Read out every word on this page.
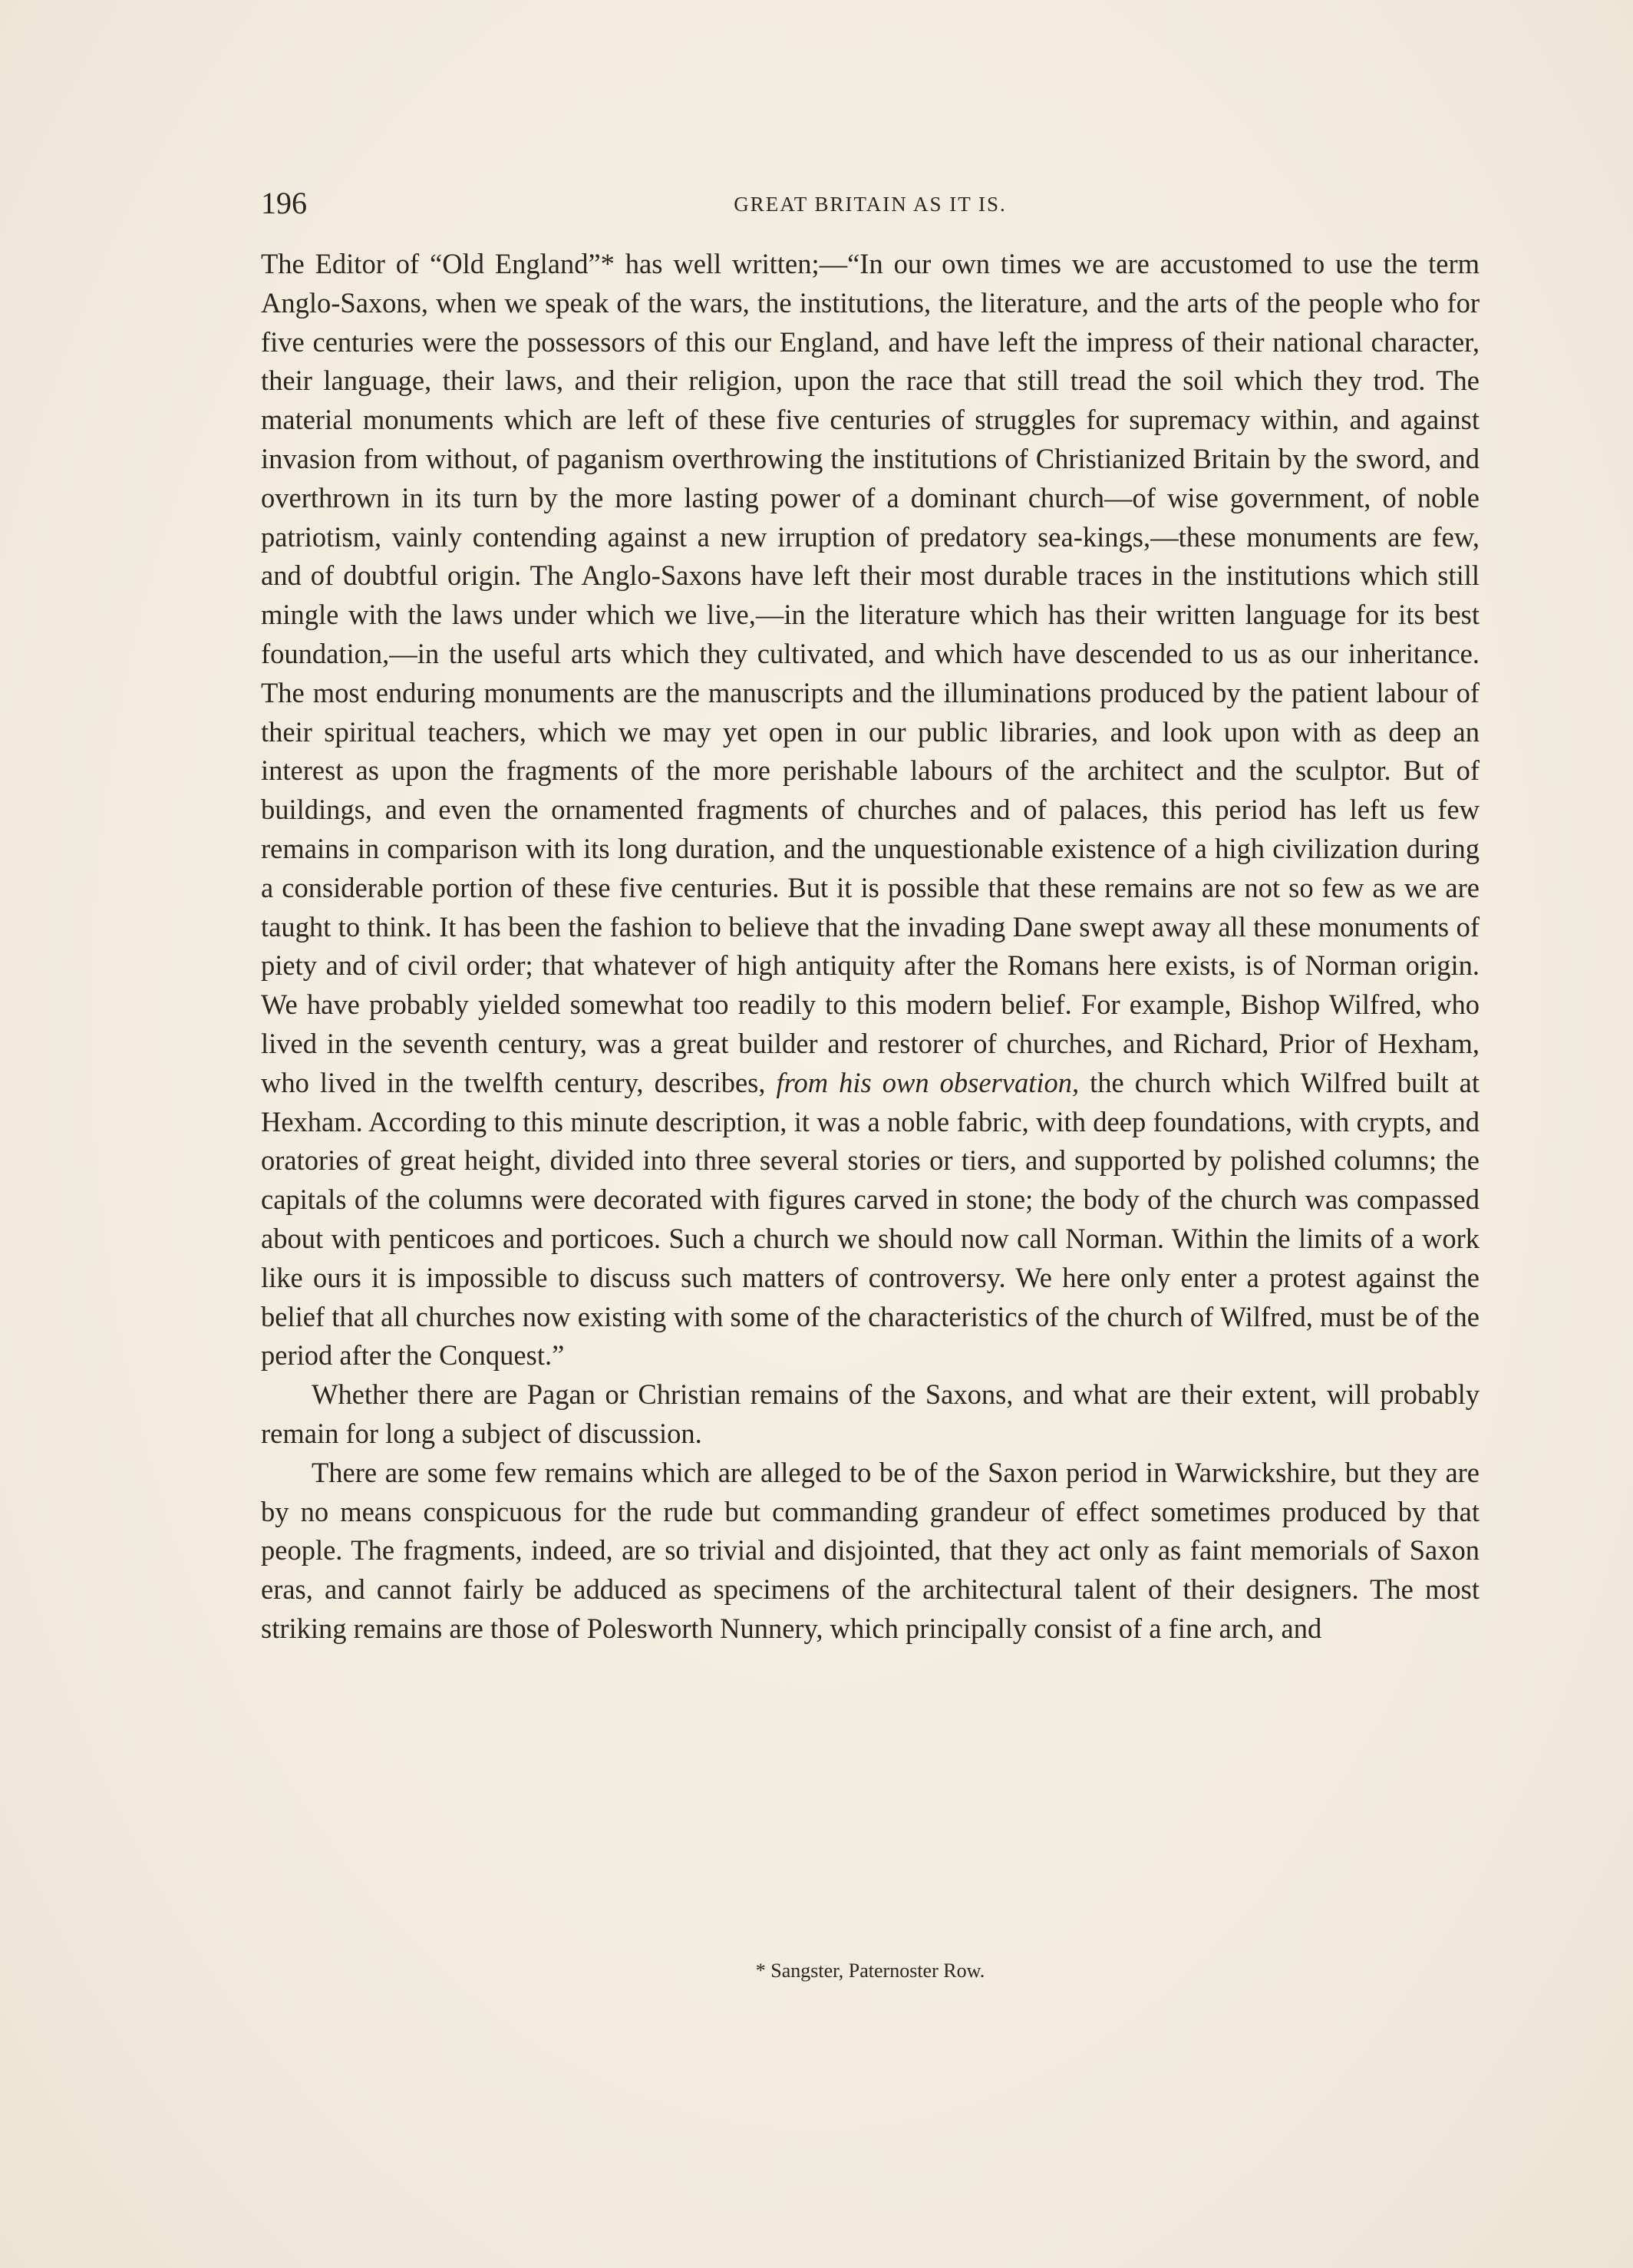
196	GREAT BRITAIN AS IT IS.

The Editor of “Old England”* has well written;—“In our own times we are accustomed to use the term Anglo-Saxons, when we speak of the wars, the institutions, the literature, and the arts of the people who for five centuries were the possessors of this our England, and have left the impress of their national character, their language, their laws, and their religion, upon the race that still tread the soil which they trod. The material monuments which are left of these five centuries of struggles for supremacy within, and against invasion from without, of paganism overthrowing the institutions of Christianized Britain by the sword, and overthrown in its turn by the more lasting power of a dominant church—of wise government, of noble patriotism, vainly contending against a new irruption of predatory sea-kings,—these monuments are few, and of doubtful origin. The Anglo-Saxons have left their most durable traces in the institutions which still mingle with the laws under which we live,—in the literature which has their written language for its best foundation,—in the useful arts which they cultivated, and which have descended to us as our inheritance. The most enduring monuments are the manuscripts and the illuminations produced by the patient labour of their spiritual teachers, which we may yet open in our public libraries, and look upon with as deep an interest as upon the fragments of the more perishable labours of the architect and the sculptor. But of buildings, and even the ornamented fragments of churches and of palaces, this period has left us few remains in comparison with its long duration, and the unquestionable existence of a high civilization during a considerable portion of these five centuries. But it is possible that these remains are not so few as we are taught to think. It has been the fashion to believe that the invading Dane swept away all these monuments of piety and of civil order; that whatever of high antiquity after the Romans here exists, is of Norman origin. We have probably yielded somewhat too readily to this modern belief. For example, Bishop Wilfred, who lived in the seventh century, was a great builder and restorer of churches, and Richard, Prior of Hexham, who lived in the twelfth century, describes, from his own observation, the church which Wilfred built at Hexham. According to this minute description, it was a noble fabric, with deep foundations, with crypts, and oratories of great height, divided into three several stories or tiers, and supported by polished columns; the capitals of the columns were decorated with figures carved in stone; the body of the church was compassed about with penticoes and porticoes. Such a church we should now call Norman. Within the limits of a work like ours it is impossible to discuss such matters of controversy. We here only enter a protest against the belief that all churches now existing with some of the characteristics of the church of Wilfred, must be of the period after the Conquest.”

Whether there are Pagan or Christian remains of the Saxons, and what are their extent, will probably remain for long a subject of discussion.

There are some few remains which are alleged to be of the Saxon period in Warwickshire, but they are by no means conspicuous for the rude but commanding grandeur of effect sometimes produced by that people. The fragments, indeed, are so trivial and disjointed, that they act only as faint memorials of Saxon eras, and cannot fairly be adduced as specimens of the architectural talent of their designers. The most striking remains are those of Polesworth Nunnery, which principally consist of a fine arch, and

* Sangster, Paternoster Row.
